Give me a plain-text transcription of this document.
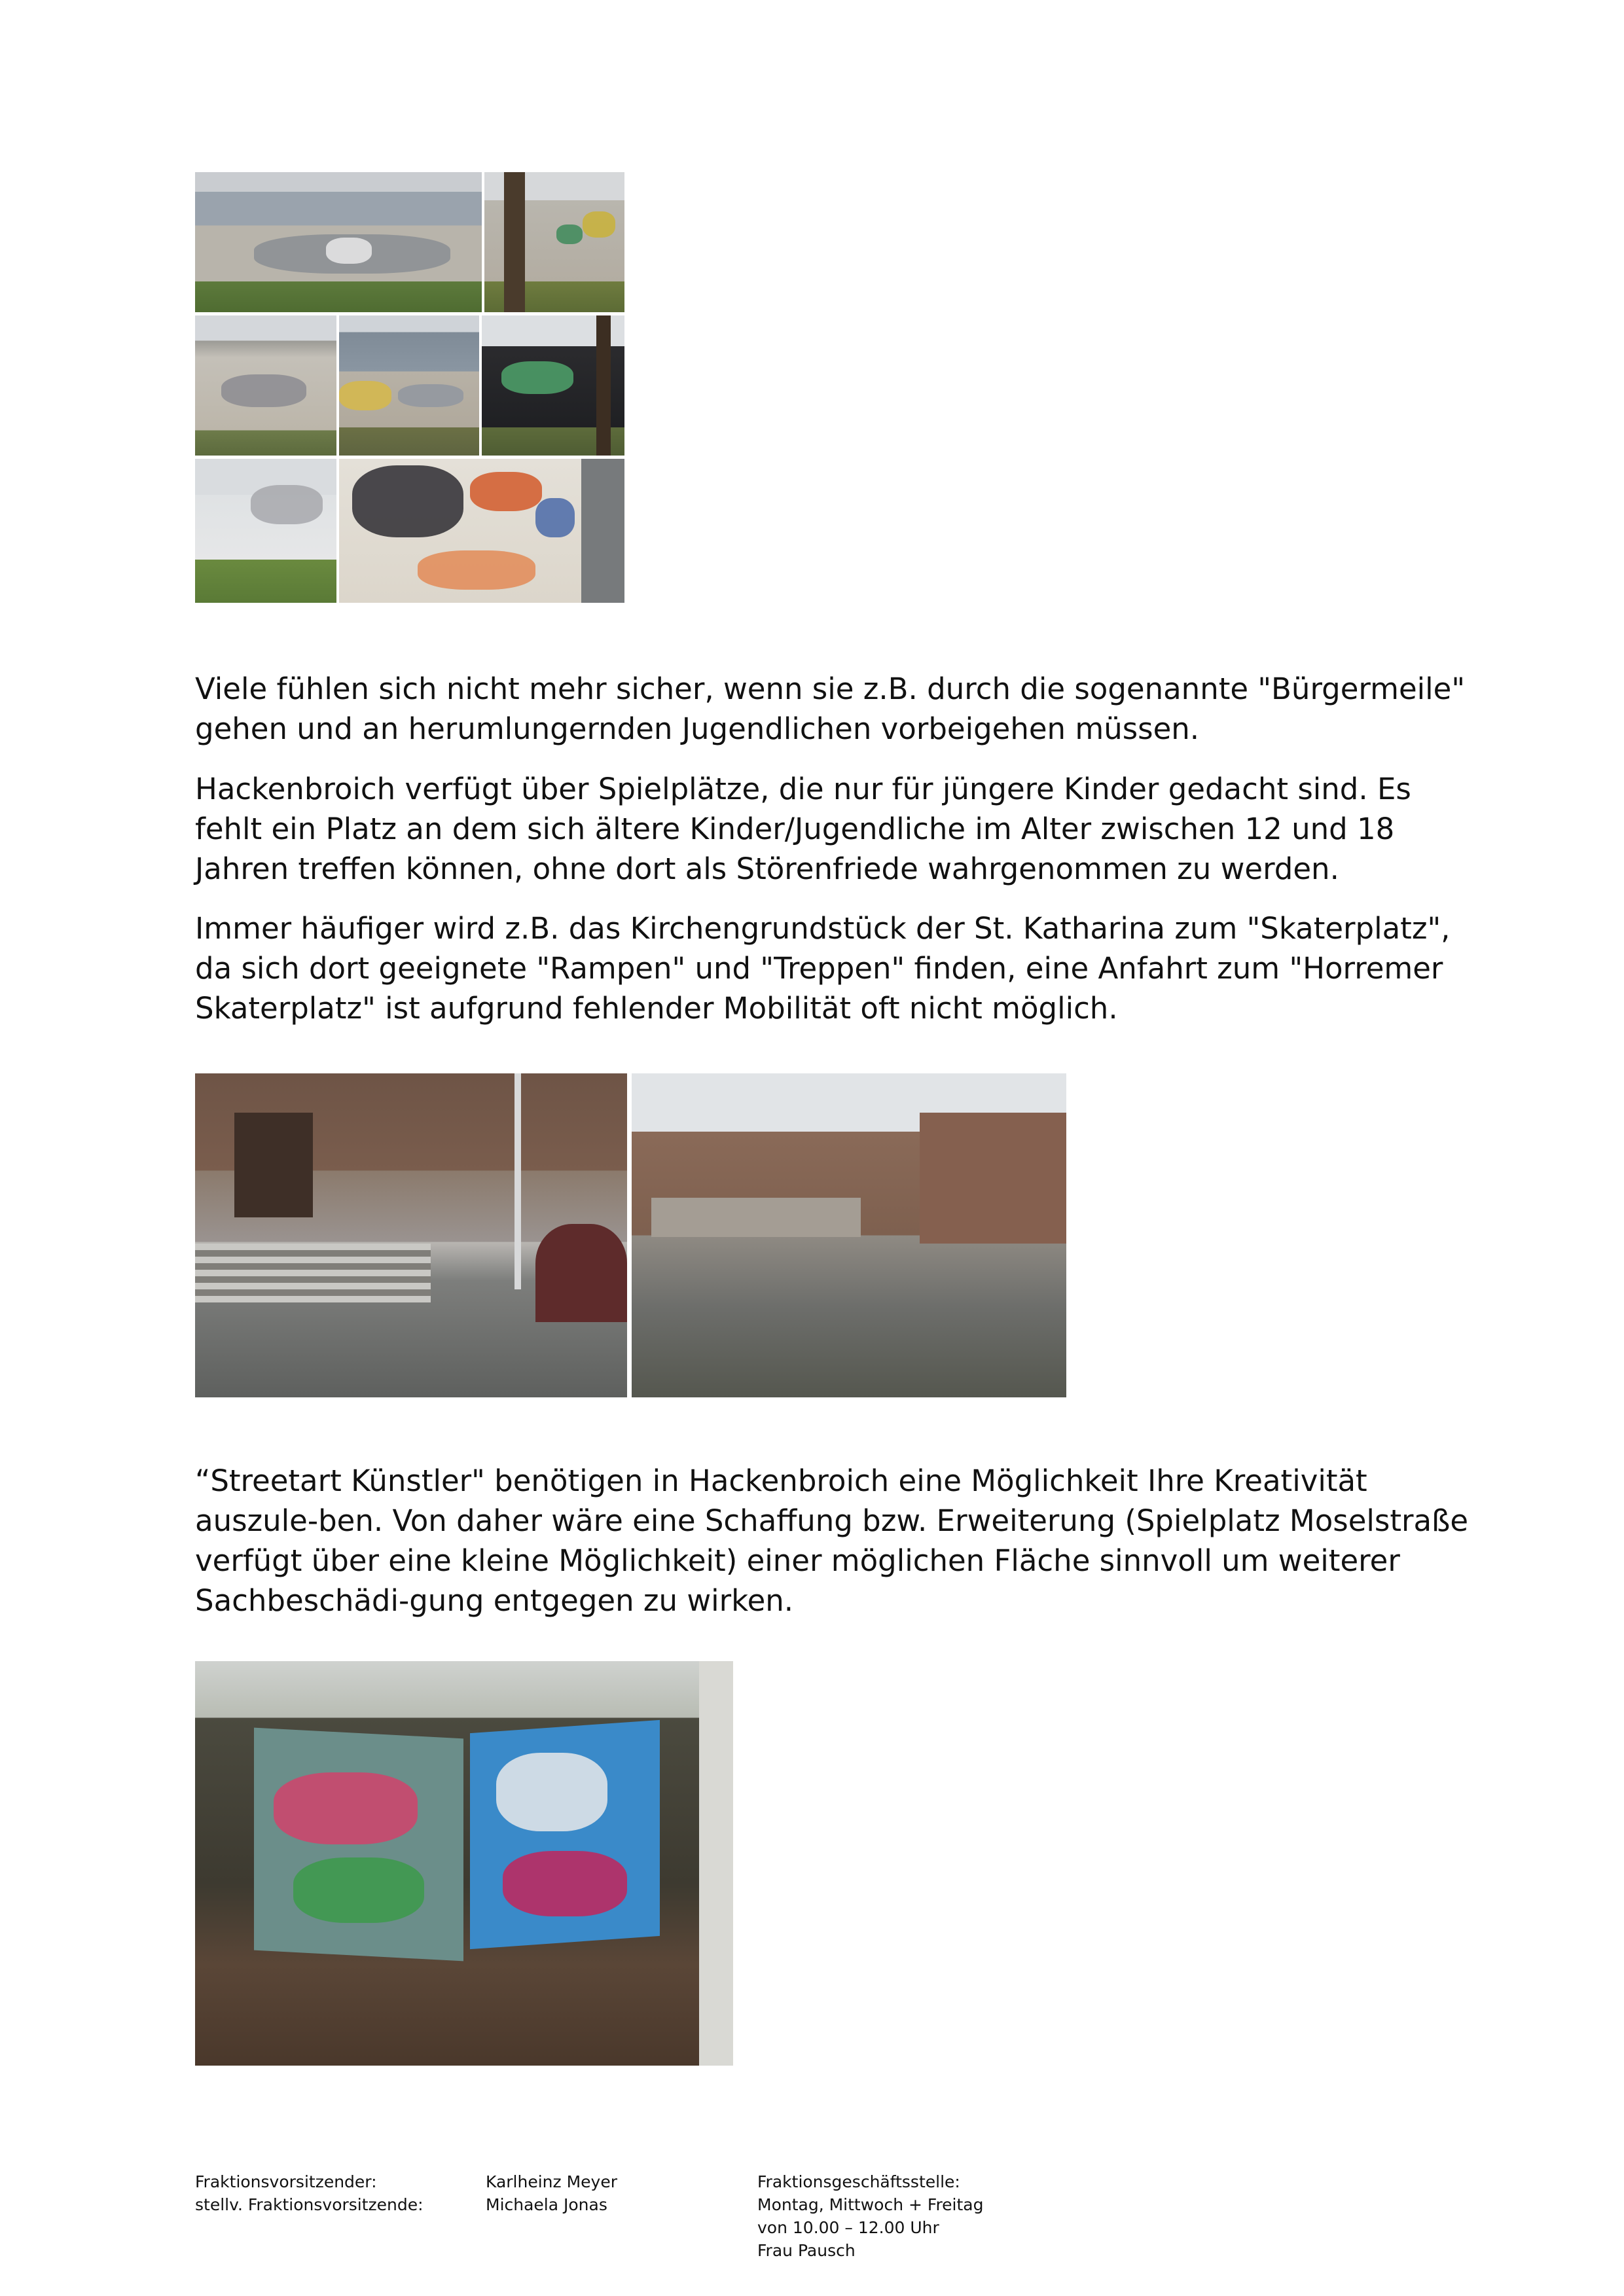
Viele fühlen sich nicht mehr sicher, wenn sie z.B. durch die sogenannte "Bürgermeile" gehen und an herumlungernden Jugendlichen vorbeigehen müssen.

Hackenbroich verfügt über Spielplätze, die nur für jüngere Kinder gedacht sind. Es fehlt ein Platz an dem sich ältere Kinder/Jugendliche im Alter zwischen 12 und 18 Jahren treffen können, ohne dort als Störenfriede wahrgenommen zu werden.

Immer häufiger wird z.B. das Kirchengrundstück der St. Katharina zum "Skaterplatz", da sich dort geeignete "Rampen" und "Treppen" finden, eine Anfahrt zum "Horremer Skaterplatz" ist aufgrund fehlender Mobilität oft nicht möglich.

“Streetart Künstler" benötigen in Hackenbroich eine Möglichkeit Ihre Kreativität auszule-ben. Von daher wäre eine Schaffung bzw. Erweiterung (Spielplatz Moselstraße verfügt über eine kleine Möglichkeit) einer möglichen Fläche sinnvoll um weiterer Sachbeschädi-gung entgegen zu wirken.

Fraktionsvorsitzender:
stellv. Fraktionsvorsitzende:
Karlheinz Meyer
Michaela Jonas
Fraktionsgeschäftsstelle:
Montag, Mittwoch + Freitag
von 10.00 – 12.00 Uhr
Frau Pausch
